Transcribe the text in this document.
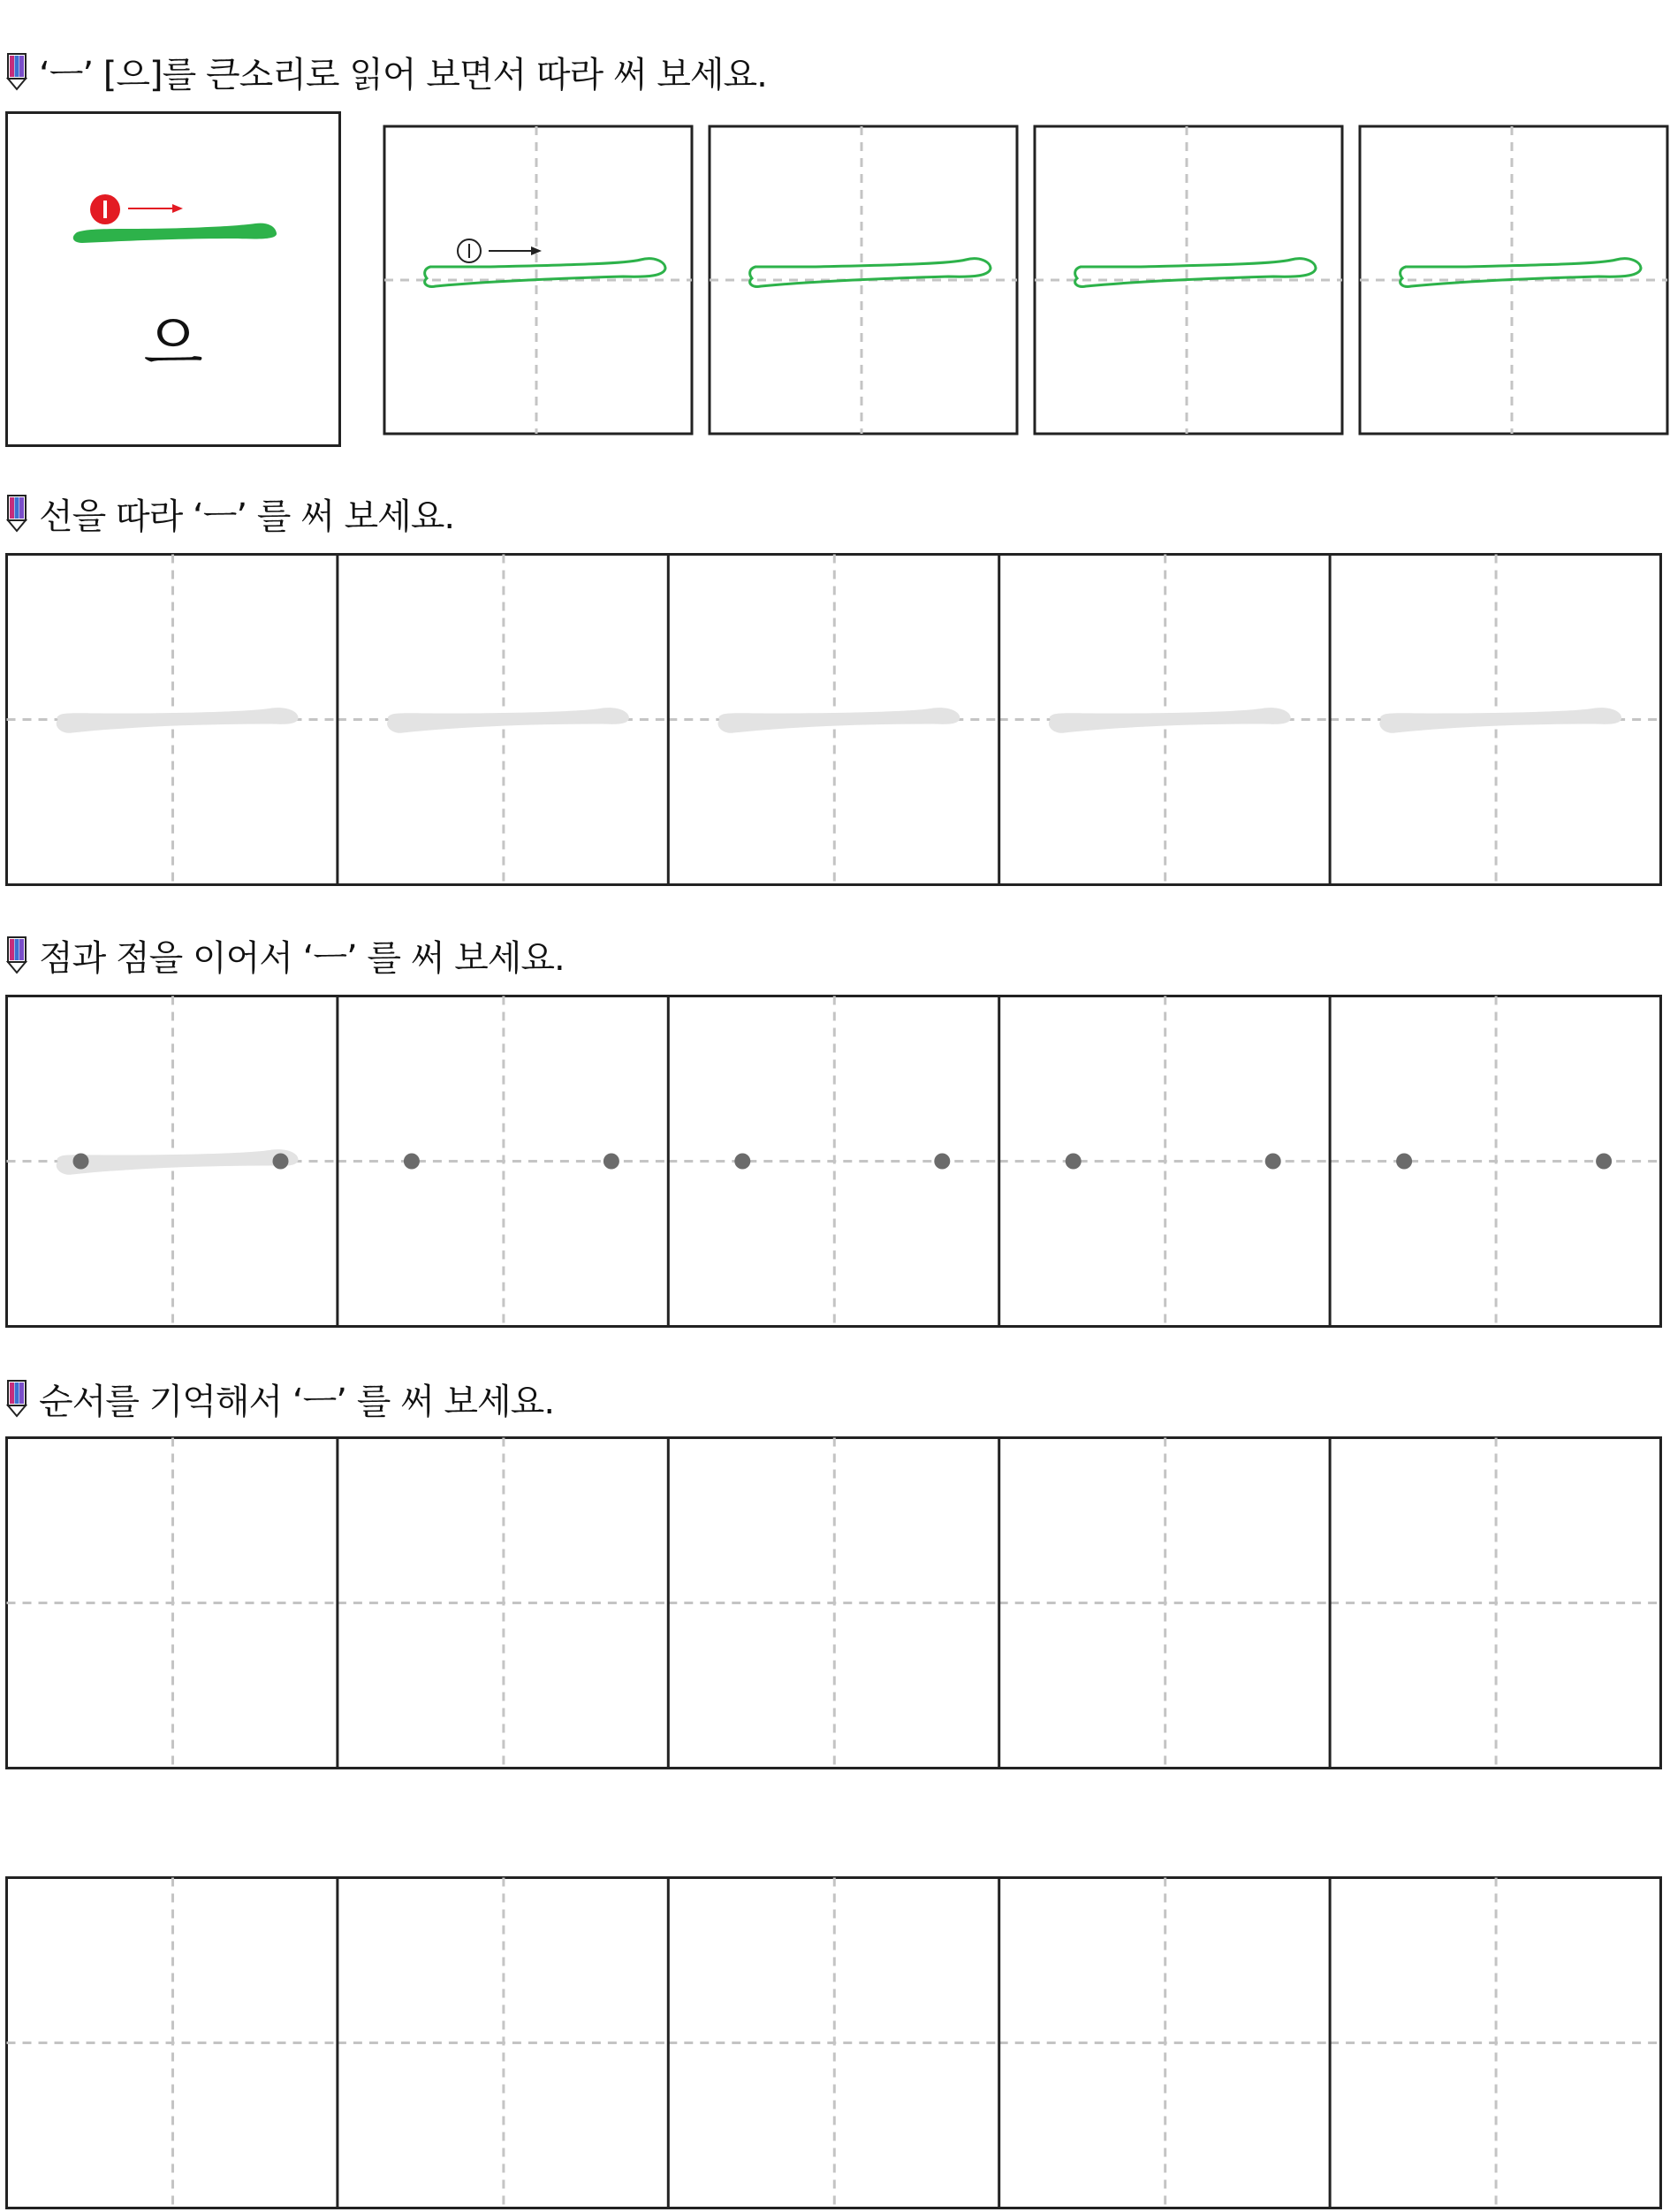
‘ㅡ’ [으]를 큰소리로 읽어 보면서 따라 써 보세요.
으
선을 따라 ‘ㅡ’ 를 써 보세요.
점과 점을 이어서 ‘ㅡ’ 를 써 보세요.
순서를 기억해서 ‘ㅡ’ 를 써 보세요.
